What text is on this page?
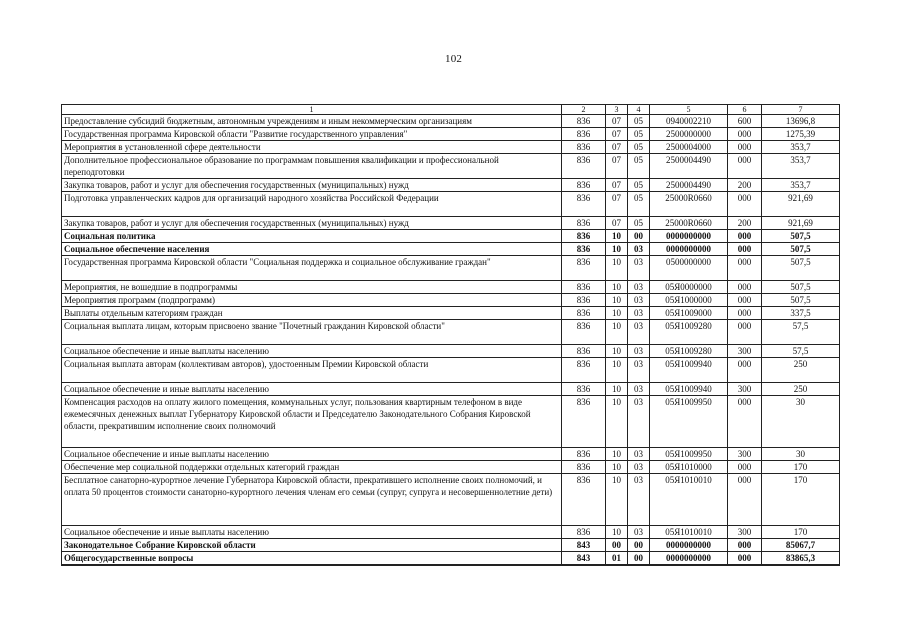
102
1	2	3	4	5	6	7
Предоставление субсидий бюджетным, автономным учреждениям и иным некоммерческим организациям	836	07	05	0940002210	600	13696,8
Государственная программа Кировской области "Развитие государственного управления"	836	07	05	2500000000	000	1275,39
Мероприятия в установленной сфере деятельности	836	07	05	2500004000	000	353,7
Дополнительное профессиональное образование по программам повышения квалификации и профессиональной переподготовки	836	07	05	2500004490	000	353,7
Закупка товаров, работ и услуг для обеспечения государственных (муниципальных) нужд	836	07	05	2500004490	200	353,7
Подготовка управленческих кадров для организаций народного хозяйства Российской Федерации	836	07	05	25000R0660	000	921,69
Закупка товаров, работ и услуг для обеспечения государственных (муниципальных) нужд	836	07	05	25000R0660	200	921,69
Социальная политика	836	10	00	0000000000	000	507,5
Социальное обеспечение населения	836	10	03	0000000000	000	507,5
Государственная программа Кировской области "Социальная поддержка и социальное обслуживание граждан"	836	10	03	0500000000	000	507,5
Мероприятия, не вошедшие в подпрограммы	836	10	03	05Я0000000	000	507,5
Мероприятия программ (подпрограмм)	836	10	03	05Я1000000	000	507,5
Выплаты отдельным категориям граждан	836	10	03	05Я1009000	000	337,5
Социальная выплата лицам, которым присвоено звание "Почетный гражданин Кировской области"	836	10	03	05Я1009280	000	57,5
Социальное обеспечение и иные выплаты населению	836	10	03	05Я1009280	300	57,5
Социальная выплата авторам (коллективам авторов), удостоенным Премии Кировской области	836	10	03	05Я1009940	000	250
Социальное обеспечение и иные выплаты населению	836	10	03	05Я1009940	300	250
Компенсация расходов на оплату жилого помещения, коммунальных услуг, пользования квартирным телефоном в виде ежемесячных денежных выплат Губернатору Кировской области и Председателю Законодательного Собрания Кировской области, прекратившим исполнение своих полномочий	836	10	03	05Я1009950	000	30
Социальное обеспечение и иные выплаты населению	836	10	03	05Я1009950	300	30
Обеспечение мер социальной поддержки отдельных категорий граждан	836	10	03	05Я1010000	000	170
Бесплатное санаторно-курортное лечение Губернатора Кировской области, прекратившего исполнение своих полномочий, и оплата 50 процентов стоимости санаторно-курортного лечения членам его семьи (супруг, супруга и несовершеннолетние дети)	836	10	03	05Я1010010	000	170
Социальное обеспечение и иные выплаты населению	836	10	03	05Я1010010	300	170
Законодательное Собрание Кировской области	843	00	00	0000000000	000	85067,7
Общегосударственные вопросы	843	01	00	0000000000	000	83865,3
